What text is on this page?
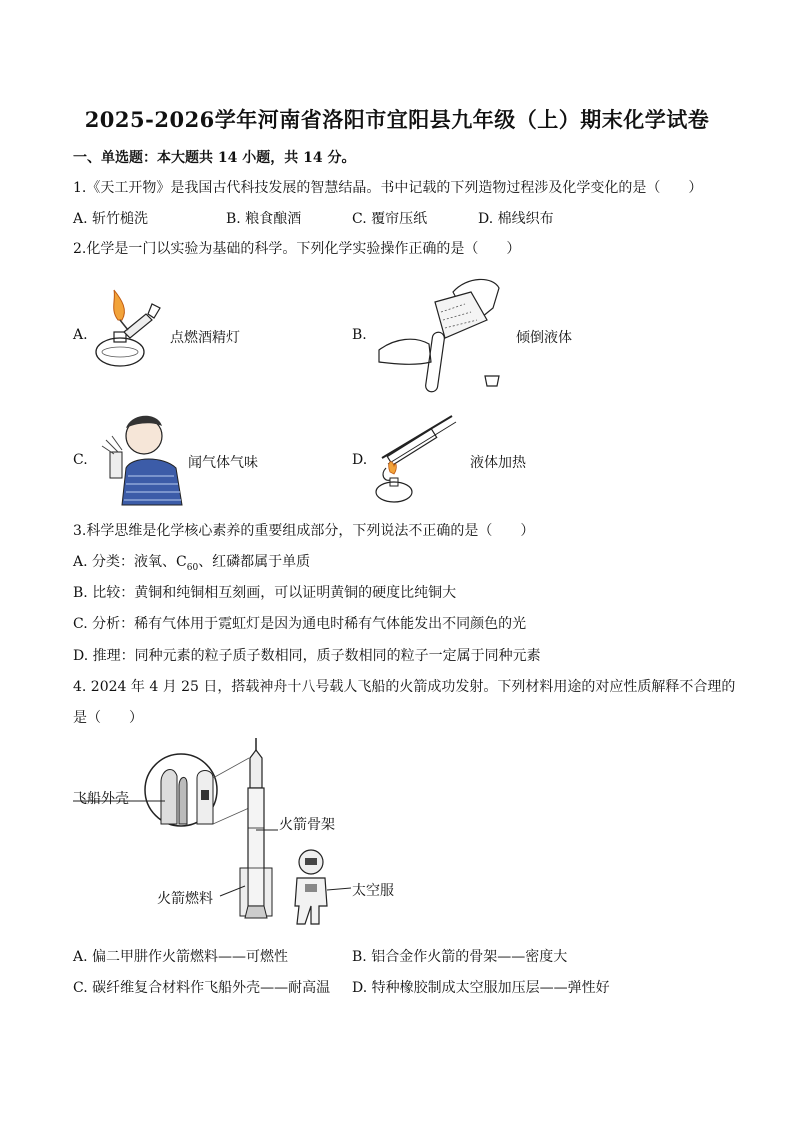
2025-2026学年河南省洛阳市宜阳县九年级（上）期末化学试卷
一、单选题：本大题共 14 小题，共 14 分。
1.《天工开物》是我国古代科技发展的智慧结晶。书中记载的下列造物过程涉及化学变化的是（　　）
A. 斩竹槌洗	B. 粮食酿酒	C. 覆帘压纸	D. 棉线织布
2.化学是一门以实验为基础的科学。下列化学实验操作正确的是（　　）
A.	点燃酒精灯	B.	倾倒液体
C.	闻气体气味	D.	液体加热
3.科学思维是化学核心素养的重要组成部分，下列说法不正确的是（　　）
A. 分类：液氧、$C_{60}$、红磷都属于单质
B. 比较：黄铜和纯铜相互刻画，可以证明黄铜的硬度比纯铜大
C. 分析：稀有气体用于霓虹灯是因为通电时稀有气体能发出不同颜色的光
D. 推理：同种元素的粒子质子数相同，质子数相同的粒子一定属于同种元素
4. 2024 年 4 月 25 日，搭载神舟十八号载人飞船的火箭成功发射。下列材料用途的对应性质解释不合理的
是（　　）
飞船外壳
火箭骨架
火箭燃料	太空服
A. 偏二甲肼作火箭燃料——可燃性	B. 铝合金作火箭的骨架——密度大
C. 碳纤维复合材料作飞船外壳——耐高温 D. 特种橡胶制成太空服加压层——弹性好
